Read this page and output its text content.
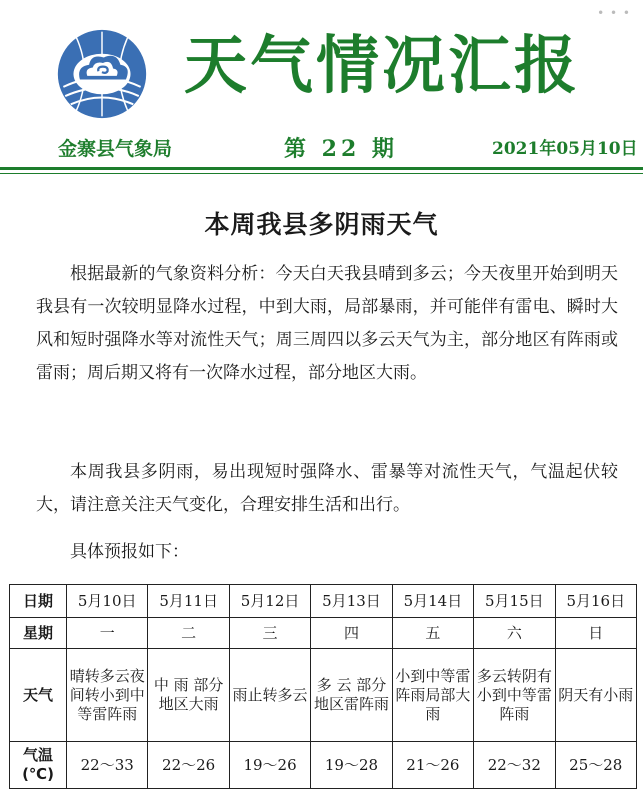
• • •
天气情况汇报
金寨县气象局	第 22 期	2021年05月10日
本周我县多阴雨天气

根据最新的气象资料分析：今天白天我县晴到多云；今天夜里开始到明天我县有一次较明显降水过程，中到大雨，局部暴雨，并可能伴有雷电、瞬时大风和短时强降水等对流性天气；周三周四以多云天气为主，部分地区有阵雨或雷雨；周后期又将有一次降水过程，部分地区大雨。

本周我县多阴雨，易出现短时强降水、雷暴等对流性天气，气温起伏较大，请注意关注天气变化，合理安排生活和出行。

具体预报如下：

日期	5月10日	5月11日	5月12日	5月13日	5月14日	5月15日	5月16日
星期	一	二	三	四	五	六	日
天气	晴转多云夜间转小到中等雷阵雨	中 雨 部分地区大雨	雨止转多云	多 云 部分地区雷阵雨	小到中等雷阵雨局部大雨	多云转阴有小到中等雷阵雨	阴天有小雨
气温(℃)	22～33	22～26	19～26	19～28	21～26	22～32	25～28
